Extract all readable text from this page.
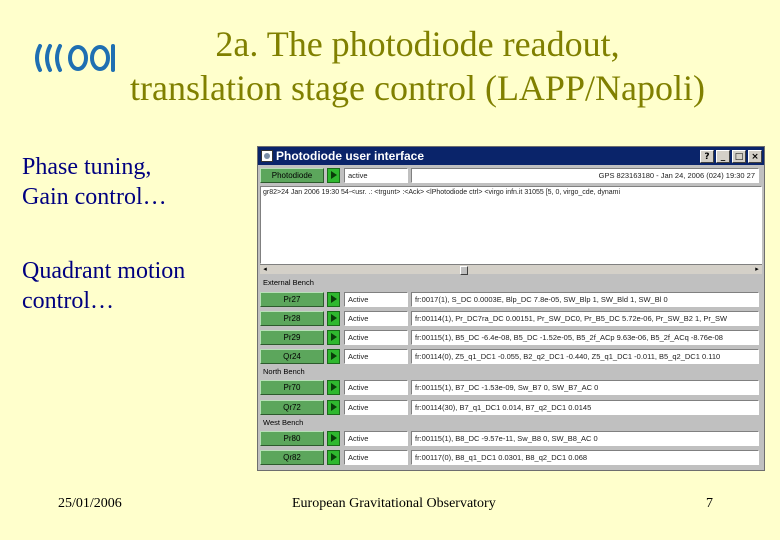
2a. The photodiode readout,
translation stage control (LAPP/Napoli)
Phase tuning,
Gain control…
Quadrant motion
control…
Photodiode user interface	?	_	□ ×
Photodiode	active	GPS 823163180 - Jan 24, 2006 (024) 19:30 27
gr82>24 Jan 2006 19:30 54-<usr. .: <trgunt> :<Ack> <lPhotodiode ctrl> <virgo infn.it 31055 [5, 0, virgo_cde, dynami
◂	▸
External Bench
Pr27	Active	fr:0017(1), S_DC 0.0003E, Blp_DC 7.8e-05, SW_Blp 1, SW_Bld 1, SW_Bl 0
Pr28	Active	fr:00114(1), Pr_DC7ra_DC 0.00151, Pr_SW_DC0, Pr_B5_DC 5.72e-06, Pr_SW_B2 1, Pr_SW
Pr29	Active	fr:00115(1), B5_DC -6.4e-08, B5_DC -1.52e-05, B5_2f_ACp 9.63e-06, B5_2f_ACq -8.76e-08
Qr24	Active	fr:00114(0), Z5_q1_DC1 -0.055, B2_q2_DC1 -0.440, Z5_q1_DC1 -0.011, B5_q2_DC1 0.110
North Bench
Pr70	Active	fr:00115(1), B7_DC -1.53e-09, Sw_B7 0, SW_B7_AC 0
Qr72	Active	fr:00114(30), B7_q1_DC1 0.014, B7_q2_DC1 0.0145
West Bench
Pr80	Active	fr:00115(1), B8_DC -9.57e-11, Sw_B8 0, SW_B8_AC 0
Qr82	Active	fr:00117(0), B8_q1_DC1 0.0301, B8_q2_DC1 0.068
25/01/2006	European Gravitational Observatory	7
